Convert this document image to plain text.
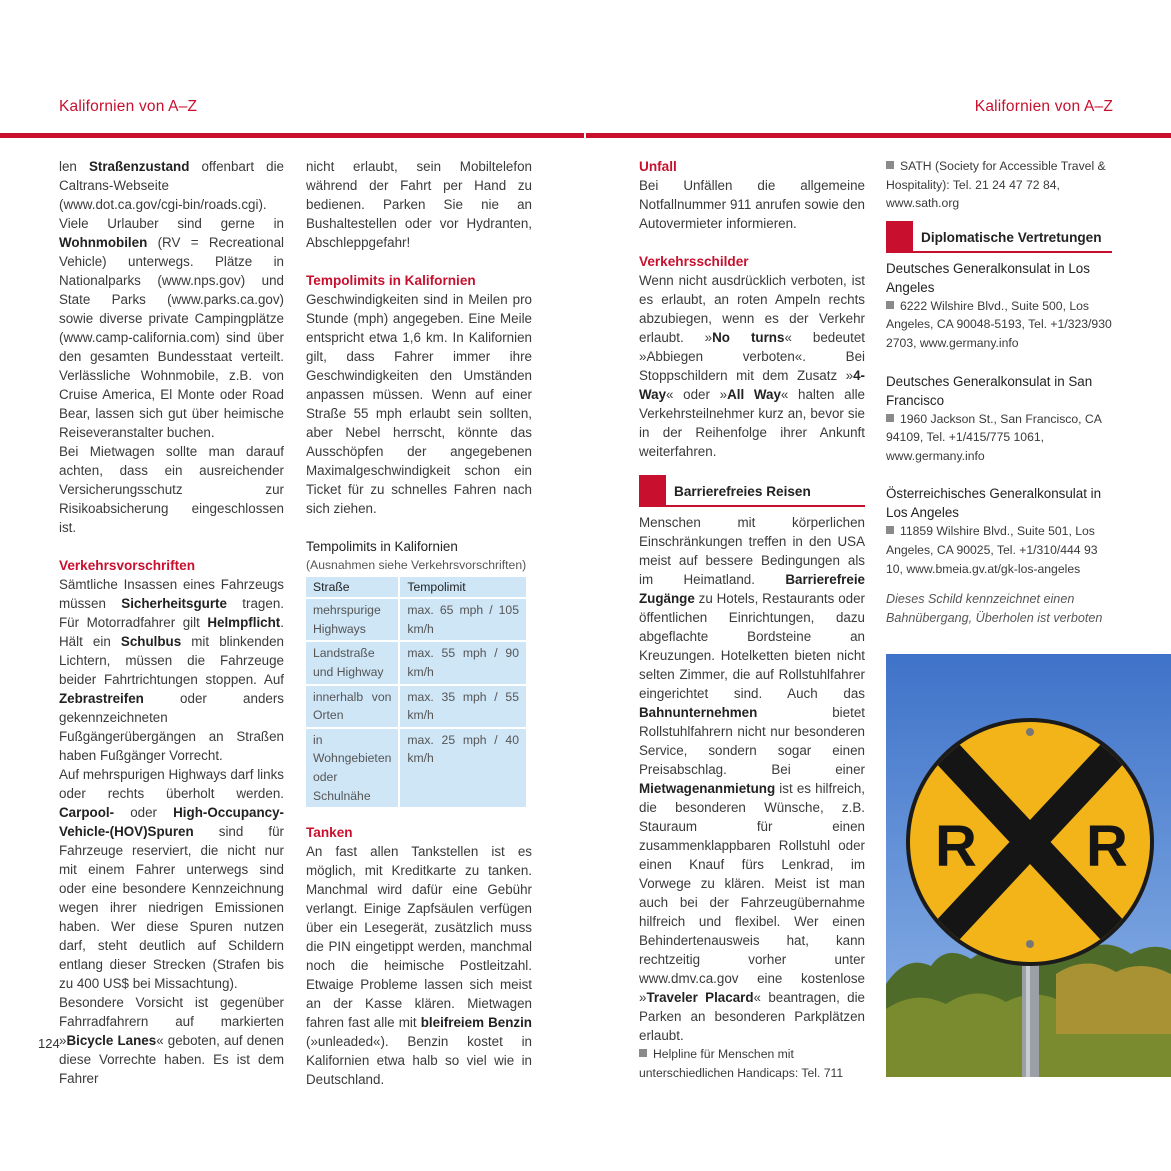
Kalifornien von A–Z	Kalifornien von A–Z

len Straßenzustand offenbart die Caltrans-Webseite (www.dot.ca.gov/cgi-bin/roads.cgi).

Viele Urlauber sind gerne in Wohnmobilen (RV = Recreational Vehicle) unterwegs. Plätze in Nationalparks (www.nps.gov) und State Parks (www.parks.ca.gov) sowie diverse private Campingplätze (www.camp-california.com) sind über den gesamten Bundesstaat verteilt. Verlässliche Wohnmobile, z.B. von Cruise America, El Monte oder Road Bear, lassen sich gut über heimische Reiseveranstalter buchen.

Bei Mietwagen sollte man darauf achten, dass ein ausreichender Versicherungsschutz zur Risikoabsicherung eingeschlossen ist.

Verkehrsvorschriften

Sämtliche Insassen eines Fahrzeugs müssen Sicherheitsgurte tragen. Für Motorradfahrer gilt Helmpflicht. Hält ein Schulbus mit blinkenden Lichtern, müssen die Fahrzeuge beider Fahrtrichtungen stoppen. Auf Zebrastreifen oder anders gekennzeichneten Fußgängerübergängen an Straßen haben Fußgänger Vorrecht.

Auf mehrspurigen Highways darf links oder rechts überholt werden. Carpool- oder High-Occupancy-Vehicle-(HOV)Spuren sind für Fahrzeuge reserviert, die nicht nur mit einem Fahrer unterwegs sind oder eine besondere Kennzeichnung wegen ihrer niedrigen Emissionen haben. Wer diese Spuren nutzen darf, steht deutlich auf Schildern entlang dieser Strecken (Strafen bis zu 400 US$ bei Missachtung).

Besondere Vorsicht ist gegenüber Fahrradfahrern auf markierten »Bicycle Lanes« geboten, auf denen diese Vorrechte haben. Es ist dem Fahrer

nicht erlaubt, sein Mobiltelefon während der Fahrt per Hand zu bedienen. Parken Sie nie an Bushaltestellen oder vor Hydranten, Abschleppgefahr!

Tempolimits in Kalifornien

Geschwindigkeiten sind in Meilen pro Stunde (mph) angegeben. Eine Meile entspricht etwa 1,6 km. In Kalifornien gilt, dass Fahrer immer ihre Geschwindigkeiten den Umständen anpassen müssen. Wenn auf einer Straße 55 mph erlaubt sein sollten, aber Nebel herrscht, könnte das Ausschöpfen der angegebenen Maximalgeschwindigkeit schon ein Ticket für zu schnelles Fahren nach sich ziehen.

Tempolimits in Kalifornien

(Ausnahmen siehe Verkehrsvorschriften)

Straße	Tempolimit
mehrspurige Highways	max. 65 mph / 105 km/h
Landstraße und Highway	max. 55 mph / 90 km/h
innerhalb von Orten	max. 35 mph / 55 km/h
in Wohngebieten oder Schulnähe	max. 25 mph / 40 km/h

Tanken

An fast allen Tankstellen ist es möglich, mit Kreditkarte zu tanken. Manchmal wird dafür eine Gebühr verlangt. Einige Zapfsäulen verfügen über ein Lesegerät, zusätzlich muss die PIN eingetippt werden, manchmal noch die heimische Postleitzahl. Etwaige Probleme lassen sich meist an der Kasse klären. Mietwagen fahren fast alle mit bleifreiem Benzin (»unleaded«). Benzin kostet in Kalifornien etwa halb so viel wie in Deutschland.

Unfall

Bei Unfällen die allgemeine Notfallnummer 911 anrufen sowie den Autovermieter informieren.

Verkehrsschilder

Wenn nicht ausdrücklich verboten, ist es erlaubt, an roten Ampeln rechts abzubiegen, wenn es der Verkehr erlaubt. »No turns« bedeutet »Abbiegen verboten«. Bei Stoppschildern mit dem Zusatz »4-Way« oder »All Way« halten alle Verkehrsteilnehmer kurz an, bevor sie in der Reihenfolge ihrer Ankunft weiterfahren.

Barrierefreies Reisen

Menschen mit körperlichen Einschränkungen treffen in den USA meist auf bessere Bedingungen als im Heimatland. Barrierefreie Zugänge zu Hotels, Restaurants oder öffentlichen Einrichtungen, dazu abgeflachte Bordsteine an Kreuzungen. Hotelketten bieten nicht selten Zimmer, die auf Rollstuhlfahrer eingerichtet sind. Auch das Bahnunternehmen bietet Rollstuhlfahrern nicht nur besonderen Service, sondern sogar einen Preisabschlag. Bei einer Mietwagenanmietung ist es hilfreich, die besonderen Wünsche, z.B. Stauraum für einen zusammenklappbaren Rollstuhl oder einen Knauf fürs Lenkrad, im Vorwege zu klären. Meist ist man auch bei der Fahrzeugübernahme hilfreich und flexibel. Wer einen Behindertenausweis hat, kann rechtzeitig vorher unter www.dmv.ca.gov eine kostenlose »Traveler Placard« beantragen, die Parken an besonderen Parkplätzen erlaubt.

Helpline für Menschen mit unterschiedlichen Handicaps: Tel. 711

SATH (Society for Accessible Travel & Hospitality): Tel. 21 24 47 72 84, www.sath.org

Diplomatische Vertretungen

Deutsches Generalkonsulat in Los Angeles

6222 Wilshire Blvd., Suite 500, Los Angeles, CA 90048-5193, Tel. +1/323/930 2703, www.germany.info

Deutsches Generalkonsulat in San Francisco

1960 Jackson St., San Francisco, CA 94109, Tel. +1/415/775 1061, www.germany.info

Österreichisches Generalkonsulat in Los Angeles

11859 Wilshire Blvd., Suite 501, Los Angeles, CA 90025, Tel. +1/310/444 93 10, www.bmeia.gv.at/gk-los-angeles

Dieses Schild kennzeichnet einen Bahnübergang, Überholen ist verboten

R R
124
